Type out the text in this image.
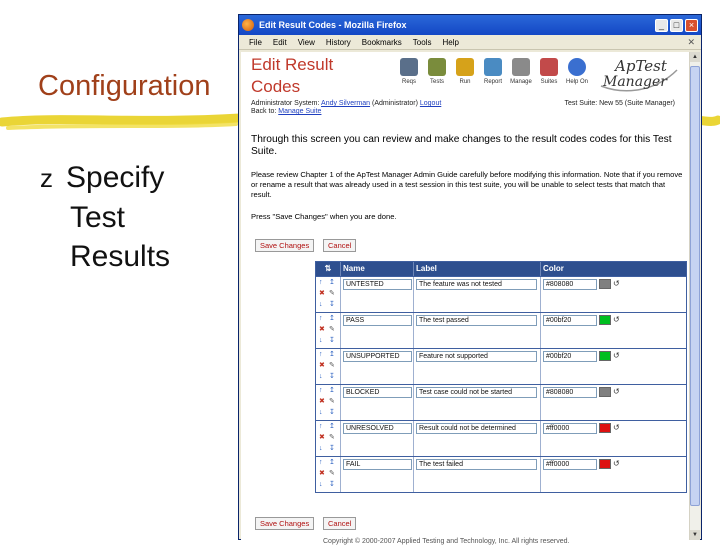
Configuration
z Specify
Test
Results
Edit Result Codes - Mozilla Firefox	_	□	×
File Edit View History Bookmarks Tools Help	✕
Edit Result Codes	Reqs	Tests	Run	Report	Manage	Suites	Help On
ApTest
Manager
Administrator System: Andy Silverman (Administrator) Logout	Test Suite: New 55 (Suite Manager)
Back to: Manage Suite
Through this screen you can review and make changes to the result codes codes for this Test Suite.
Please review Chapter 1 of the ApTest Manager Admin Guide carefully before modifying this information. Note that if you remove or rename a result that was already used in a test session in this test suite, you will be unable to select tests that match that result.
Press "Save Changes" when you are done.
Save Changes	Cancel
⇅	Name	Label	Color
↑ ↥
✖ ✎
↓ ↧
UNTESTED	The feature was not tested	#808080	↺
↑ ↥
✖ ✎
↓ ↧
PASS	The test passed	#00bf20	↺
↑ ↥
✖ ✎
↓ ↧
UNSUPPORTED	Feature not supported	#00bf20	↺
↑ ↥
✖ ✎
↓ ↧
BLOCKED	Test case could not be started	#808080	↺
↑ ↥
✖ ✎
↓ ↧
UNRESOLVED	Result could not be determined	#ff0000	↺
↑ ↥
✖ ✎
↓ ↧
FAIL	The test failed	#ff0000	↺
Save Changes	Cancel
Copyright © 2000-2007 Applied Testing and Technology, Inc. All rights reserved.
▲
▼
